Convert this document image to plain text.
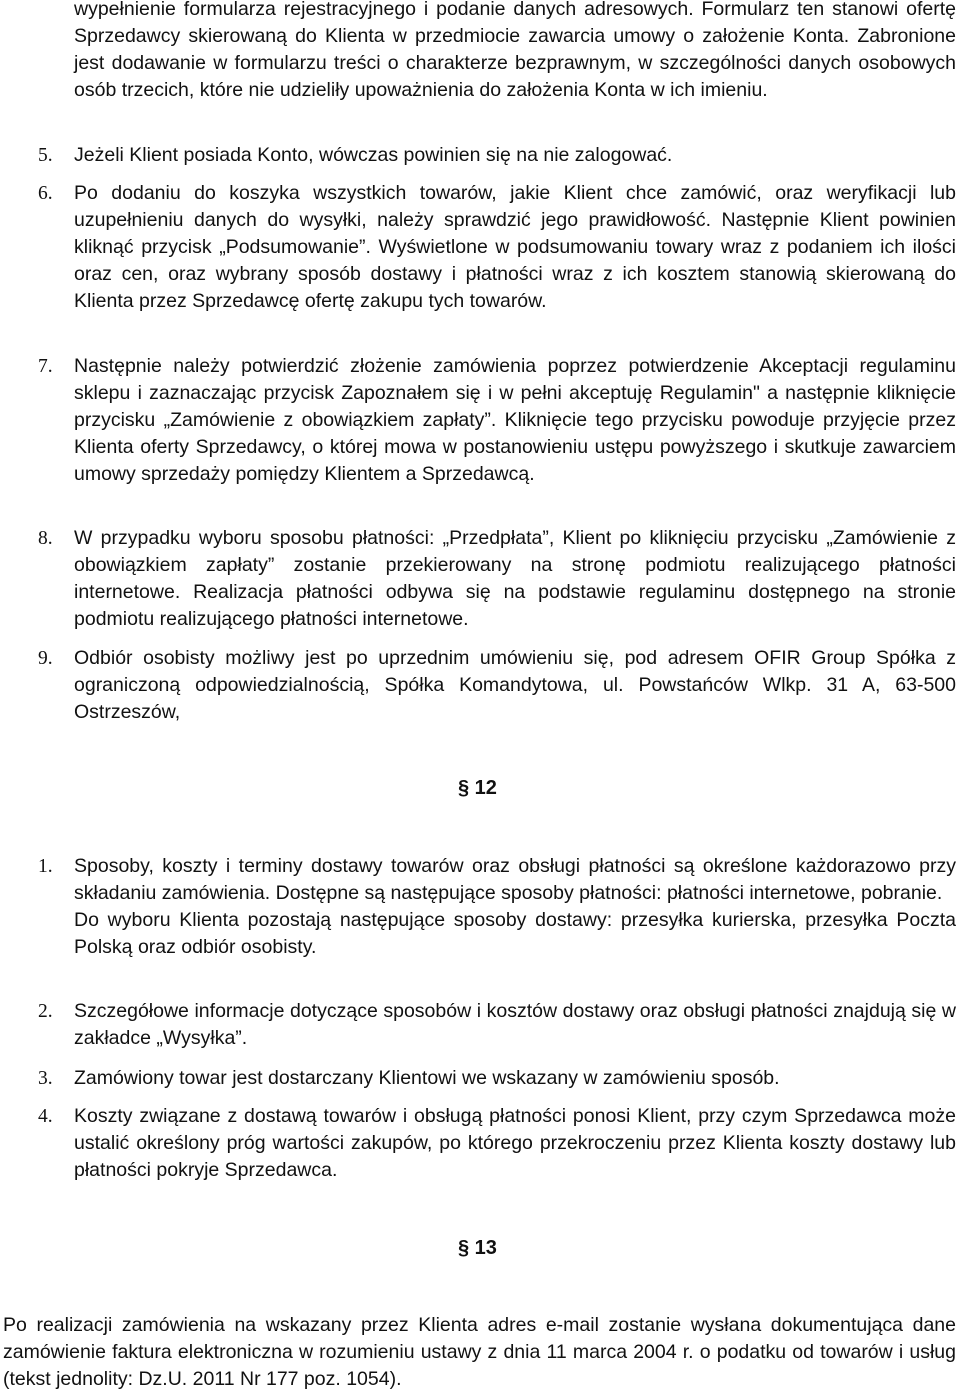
wypełnienie formularza rejestracyjnego i podanie danych adresowych. Formularz ten stanowi ofertę Sprzedawcy skierowaną do Klienta w przedmiocie zawarcia umowy o założenie Konta. Zabronione jest dodawanie w formularzu treści o charakterze bezprawnym, w szczególności danych osobowych osób trzecich, które nie udzieliły upoważnienia do założenia Konta w ich imieniu.
5.	Jeżeli Klient posiada Konto, wówczas powinien się na nie zalogować.
6.	Po dodaniu do koszyka wszystkich towarów, jakie Klient chce zamówić, oraz weryfikacji lub uzupełnieniu danych do wysyłki, należy sprawdzić jego prawidłowość. Następnie Klient powinien kliknąć przycisk „Podsumowanie”. Wyświetlone w podsumowaniu towary wraz z podaniem ich ilości oraz cen, oraz wybrany sposób dostawy i płatności wraz z ich kosztem stanowią skierowaną do Klienta przez Sprzedawcę ofertę zakupu tych towarów.
7.	Następnie należy potwierdzić złożenie zamówienia poprzez potwierdzenie Akceptacji regulaminu sklepu i zaznaczając przycisk Zapoznałem się i w pełni akceptuję Regulamin" a następnie kliknięcie przycisku „Zamówienie z obowiązkiem zapłaty”. Kliknięcie tego przycisku powoduje przyjęcie przez Klienta oferty Sprzedawcy, o której mowa w postanowieniu ustępu powyższego i skutkuje zawarciem umowy sprzedaży pomiędzy Klientem a Sprzedawcą.
8.	W przypadku wyboru sposobu płatności: „Przedpłata”, Klient po kliknięciu przycisku „Zamówienie z obowiązkiem zapłaty” zostanie przekierowany na stronę podmiotu realizującego płatności internetowe. Realizacja płatności odbywa się na podstawie regulaminu dostępnego na stronie podmiotu realizującego płatności internetowe.
9.	Odbiór osobisty możliwy jest po uprzednim umówieniu się, pod adresem OFIR Group Spółka z ograniczoną odpowiedzialnością, Spółka Komandytowa, ul. Powstańców Wlkp. 31 A, 63-500 Ostrzeszów,
§ 12
1.	Sposoby, koszty i terminy dostawy towarów oraz obsługi płatności są określone każdorazowo przy składaniu zamówienia. Dostępne są następujące sposoby płatności: płatności internetowe, pobranie.
Do wyboru Klienta pozostają następujące sposoby dostawy: przesyłka kurierska, przesyłka Poczta Polską oraz odbiór osobisty.
2.	Szczegółowe informacje dotyczące sposobów i kosztów dostawy oraz obsługi płatności znajdują się w zakładce „Wysyłka”.
3.	Zamówiony towar jest dostarczany Klientowi we wskazany w zamówieniu sposób.
4.	Koszty związane z dostawą towarów i obsługą płatności ponosi Klient, przy czym Sprzedawca może ustalić określony próg wartości zakupów, po którego przekroczeniu przez Klienta koszty dostawy lub płatności pokryje Sprzedawca.
§ 13
Po realizacji zamówienia na wskazany przez Klienta adres e-mail zostanie wysłana dokumentująca dane zamówienie faktura elektroniczna w rozumieniu ustawy z dnia 11 marca 2004 r. o podatku od towarów i usług (tekst jednolity: Dz.U. 2011 Nr 177 poz. 1054).
